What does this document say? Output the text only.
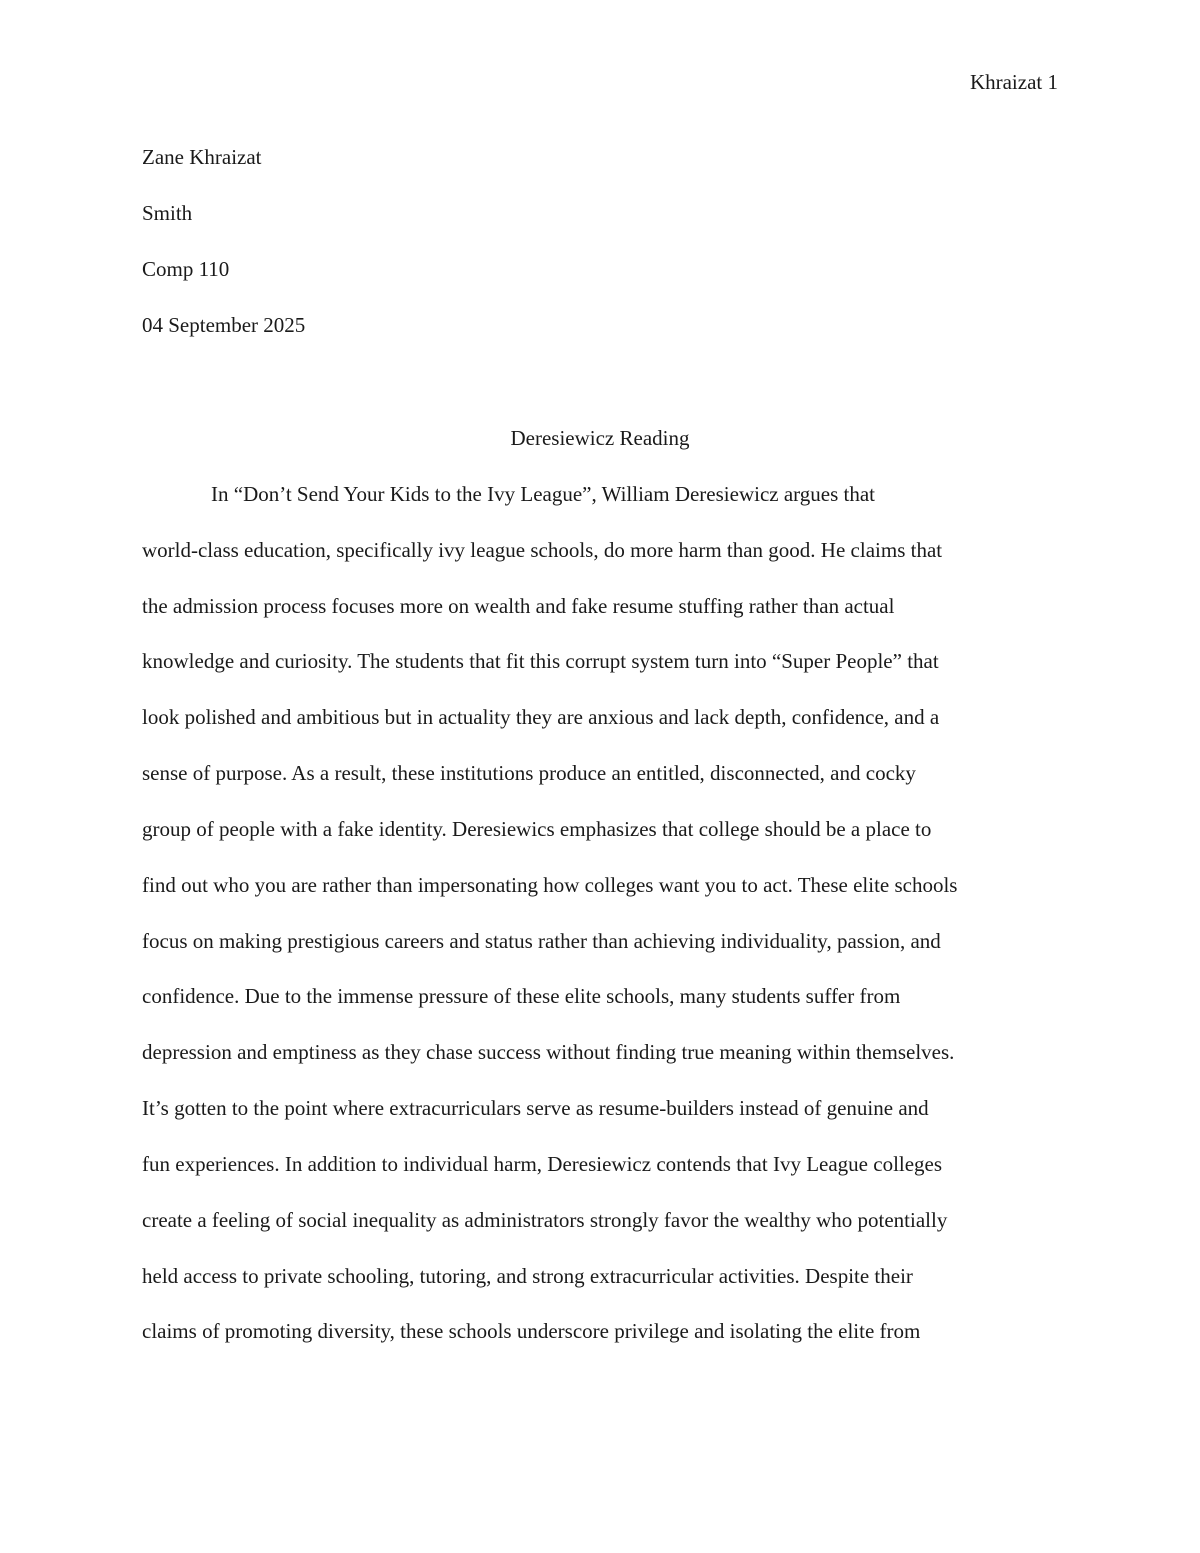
Khraizat 1
Zane Khraizat
Smith
Comp 110
04 September 2025
Deresiewicz Reading
In “Don’t Send Your Kids to the Ivy League”, William Deresiewicz argues that
world-class education, specifically ivy league schools, do more harm than good. He claims that
the admission process focuses more on wealth and fake resume stuffing rather than actual
knowledge and curiosity. The students that fit this corrupt system turn into “Super People” that
look polished and ambitious but in actuality they are anxious and lack depth, confidence, and a
sense of purpose. As a result, these institutions produce an entitled, disconnected, and cocky
group of people with a fake identity. Deresiewics emphasizes that college should be a place to
find out who you are rather than impersonating how colleges want you to act. These elite schools
focus on making prestigious careers and status rather than achieving individuality, passion, and
confidence. Due to the immense pressure of these elite schools, many students suffer from
depression and emptiness as they chase success without finding true meaning within themselves.
It’s gotten to the point where extracurriculars serve as resume-builders instead of genuine and
fun experiences. In addition to individual harm, Deresiewicz contends that Ivy League colleges
create a feeling of social inequality as administrators strongly favor the wealthy who potentially
held access to private schooling, tutoring, and strong extracurricular activities. Despite their
claims of promoting diversity, these schools underscore privilege and isolating the elite from
